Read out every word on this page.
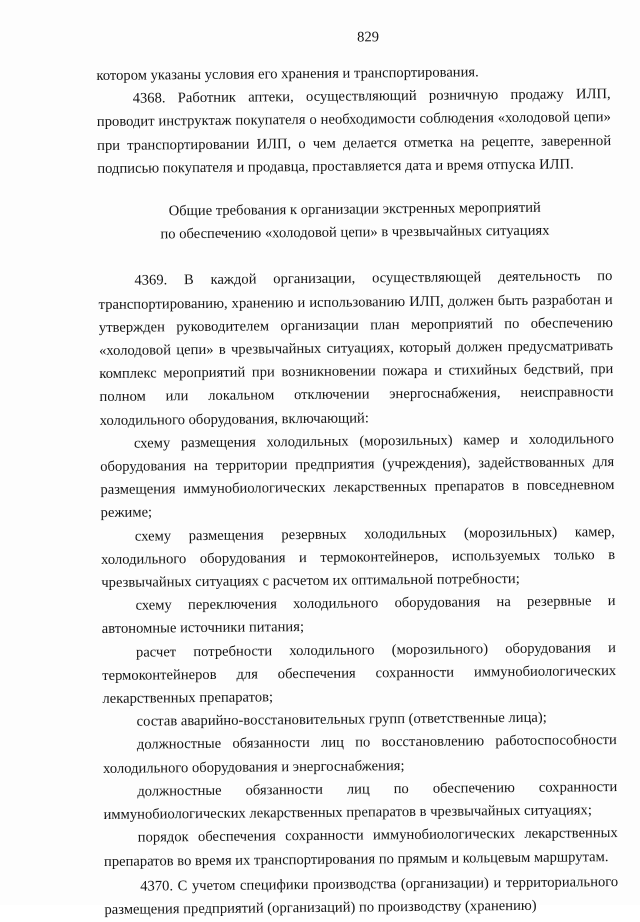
829

котором указаны условия его хранения и транспортирования.

4368. Работник аптеки, осуществляющий розничную продажу ИЛП, проводит инструктаж покупателя о необходимости соблюдения «холодовой цепи» при транспортировании ИЛП, о чем делается отметка на рецепте, заверенной подписью покупателя и продавца, проставляется дата и время отпуска ИЛП.

Общие требования к организации экстренных мероприятий
по обеспечению «холодовой цепи» в чрезвычайных ситуациях

4369. В каждой организации, осуществляющей деятельность по транспортированию, хранению и использованию ИЛП, должен быть разработан и утвержден руководителем организации план мероприятий по обеспечению «холодовой цепи» в чрезвычайных ситуациях, который должен предусматривать комплекс мероприятий при возникновении пожара и стихийных бедствий, при полном или локальном отключении энергоснабжения, неисправности холодильного оборудования, включающий:

схему размещения холодильных (морозильных) камер и холодильного оборудования на территории предприятия (учреждения), задействованных для размещения иммунобиологических лекарственных препаратов в повседневном режиме;

схему размещения резервных холодильных (морозильных) камер, холодильного оборудования и термоконтейнеров, используемых только в чрезвычайных ситуациях с расчетом их оптимальной потребности;

схему переключения холодильного оборудования на резервные и автономные источники питания;

расчет потребности холодильного (морозильного) оборудования и термоконтейнеров для обеспечения сохранности иммунобиологических лекарственных препаратов;

состав аварийно-восстановительных групп (ответственные лица);

должностные обязанности лиц по восстановлению работоспособности холодильного оборудования и энергоснабжения;

должностные обязанности лиц по обеспечению сохранности иммунобиологических лекарственных препаратов в чрезвычайных ситуациях;

порядок обеспечения сохранности иммунобиологических лекарственных препаратов во время их транспортирования по прямым и кольцевым маршрутам.

4370. С учетом специфики производства (организации) и территориального размещения предприятий (организаций) по производству (хранению)
